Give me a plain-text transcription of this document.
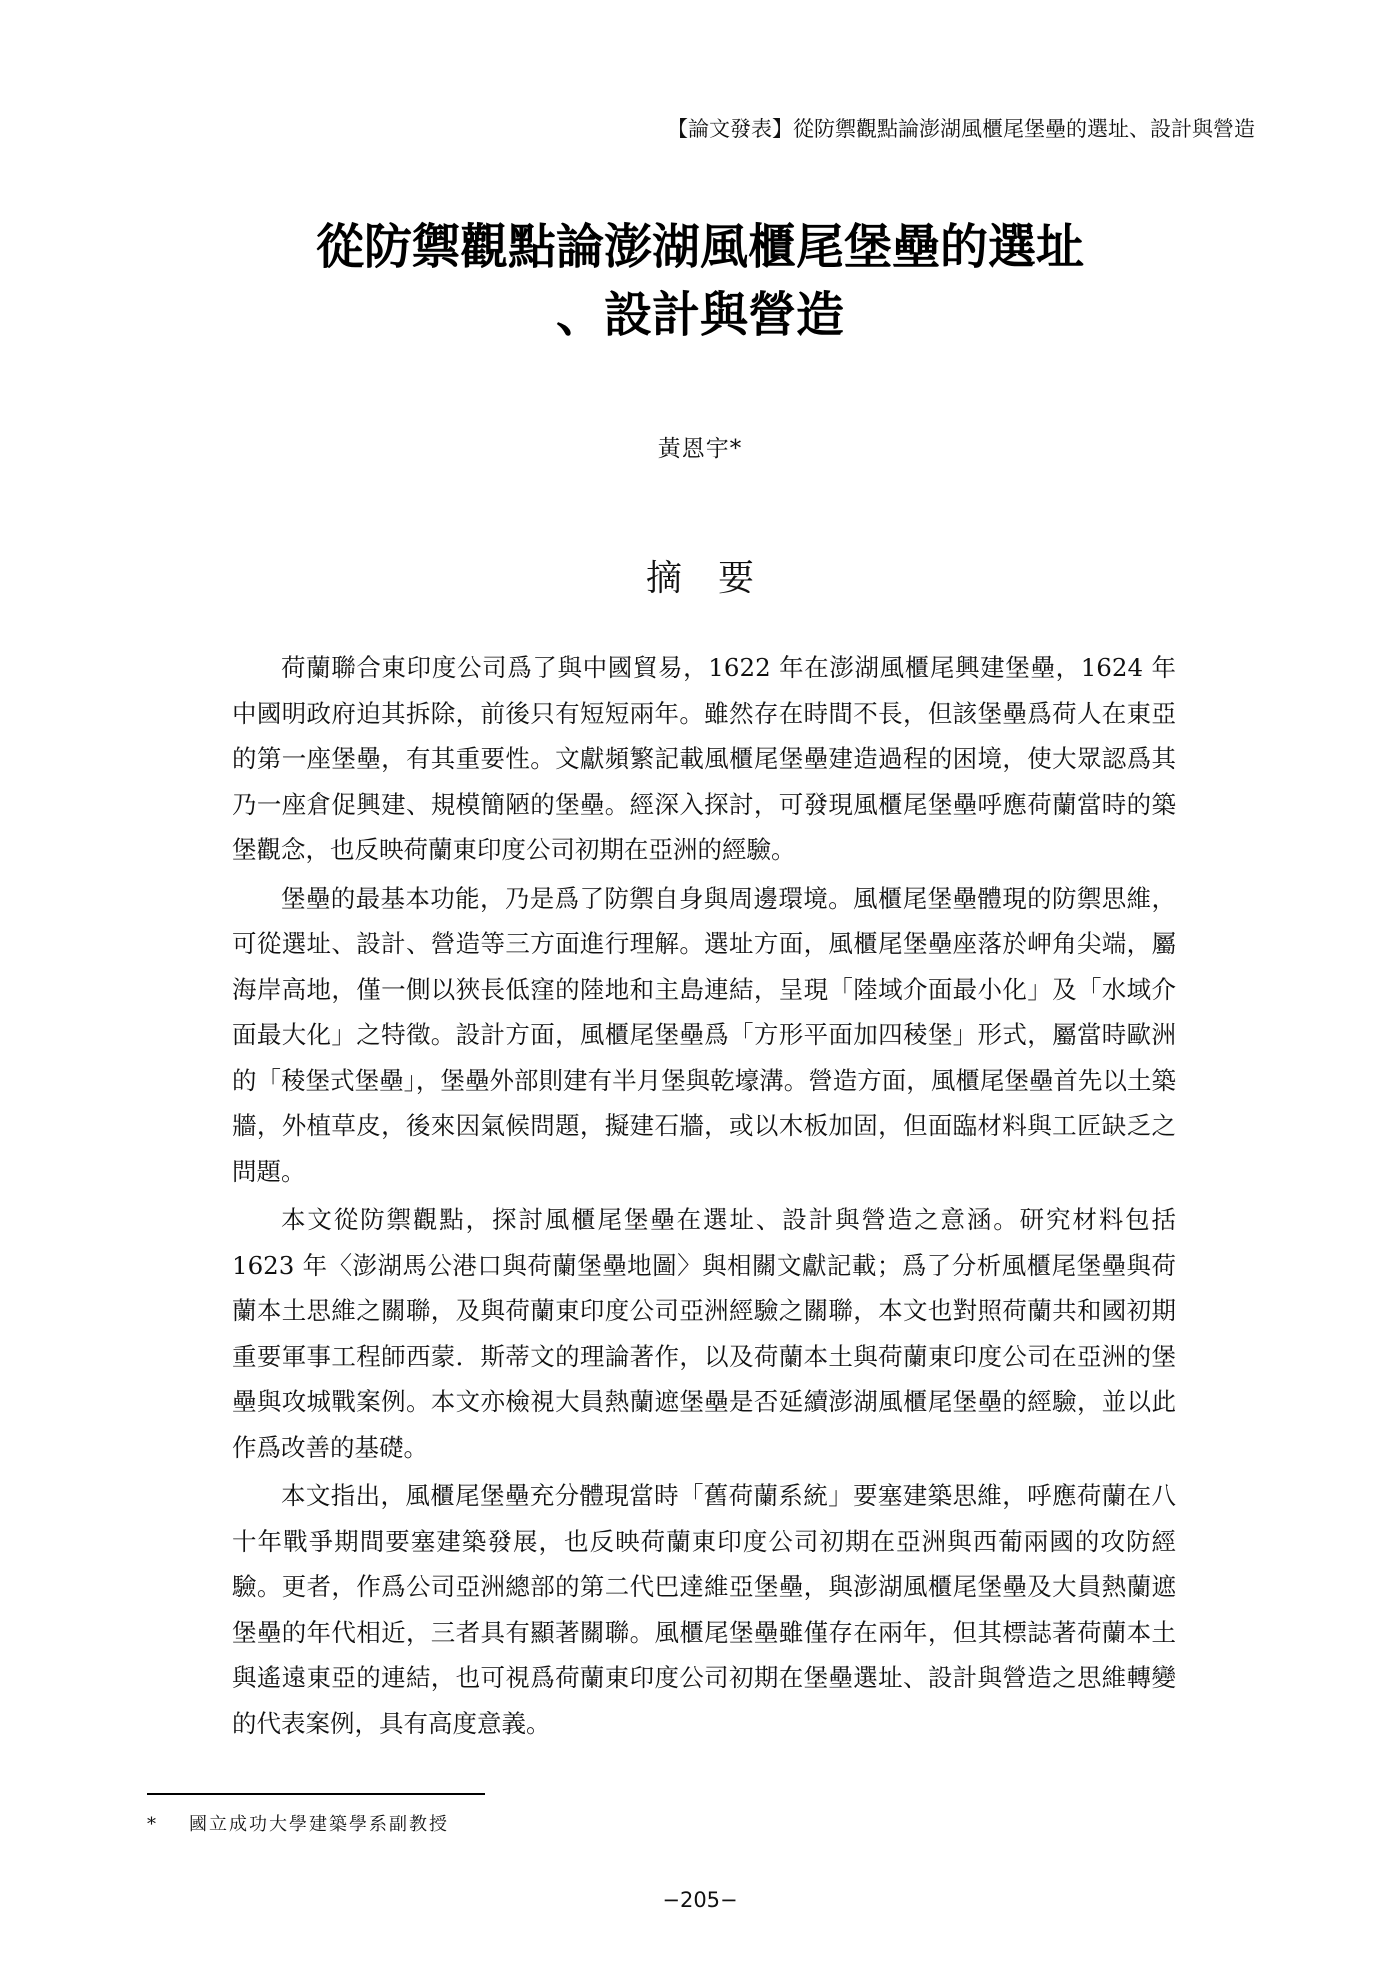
【論文發表】從防禦觀點論澎湖風櫃尾堡壘的選址、設計與營造
從防禦觀點論澎湖風櫃尾堡壘的選址
、設計與營造
黃恩宇*
摘要

荷蘭聯合東印度公司爲了與中國貿易，1622 年在澎湖風櫃尾興建堡壘，1624 年中國明政府迫其拆除，前後只有短短兩年。雖然存在時間不長，但該堡壘爲荷人在東亞的第一座堡壘，有其重要性。文獻頻繁記載風櫃尾堡壘建造過程的困境，使大眾認爲其乃一座倉促興建、規模簡陋的堡壘。經深入探討，可發現風櫃尾堡壘呼應荷蘭當時的築堡觀念，也反映荷蘭東印度公司初期在亞洲的經驗。

堡壘的最基本功能，乃是爲了防禦自身與周邊環境。風櫃尾堡壘體現的防禦思維，可從選址、設計、營造等三方面進行理解。選址方面，風櫃尾堡壘座落於岬角尖端，屬海岸高地，僅一側以狹長低窪的陸地和主島連結，呈現「陸域介面最小化」及「水域介面最大化」之特徵。設計方面，風櫃尾堡壘爲「方形平面加四稜堡」形式，屬當時歐洲的「稜堡式堡壘」，堡壘外部則建有半月堡與乾壕溝。營造方面，風櫃尾堡壘首先以土築牆，外植草皮，後來因氣候問題，擬建石牆，或以木板加固，但面臨材料與工匠缺乏之問題。

本文從防禦觀點，探討風櫃尾堡壘在選址、設計與營造之意涵。研究材料包括 1623 年〈澎湖馬公港口與荷蘭堡壘地圖〉與相關文獻記載；爲了分析風櫃尾堡壘與荷蘭本土思維之關聯，及與荷蘭東印度公司亞洲經驗之關聯，本文也對照荷蘭共和國初期重要軍事工程師西蒙．斯蒂文的理論著作，以及荷蘭本土與荷蘭東印度公司在亞洲的堡壘與攻城戰案例。本文亦檢視大員熱蘭遮堡壘是否延續澎湖風櫃尾堡壘的經驗，並以此作爲改善的基礎。

本文指出，風櫃尾堡壘充分體現當時「舊荷蘭系統」要塞建築思維，呼應荷蘭在八十年戰爭期間要塞建築發展，也反映荷蘭東印度公司初期在亞洲與西葡兩國的攻防經驗。更者，作爲公司亞洲總部的第二代巴達維亞堡壘，與澎湖風櫃尾堡壘及大員熱蘭遮堡壘的年代相近，三者具有顯著關聯。風櫃尾堡壘雖僅存在兩年，但其標誌著荷蘭本土與遙遠東亞的連結，也可視爲荷蘭東印度公司初期在堡壘選址、設計與營造之思維轉變的代表案例，具有高度意義。

* 國立成功大學建築學系副教授
−205−
